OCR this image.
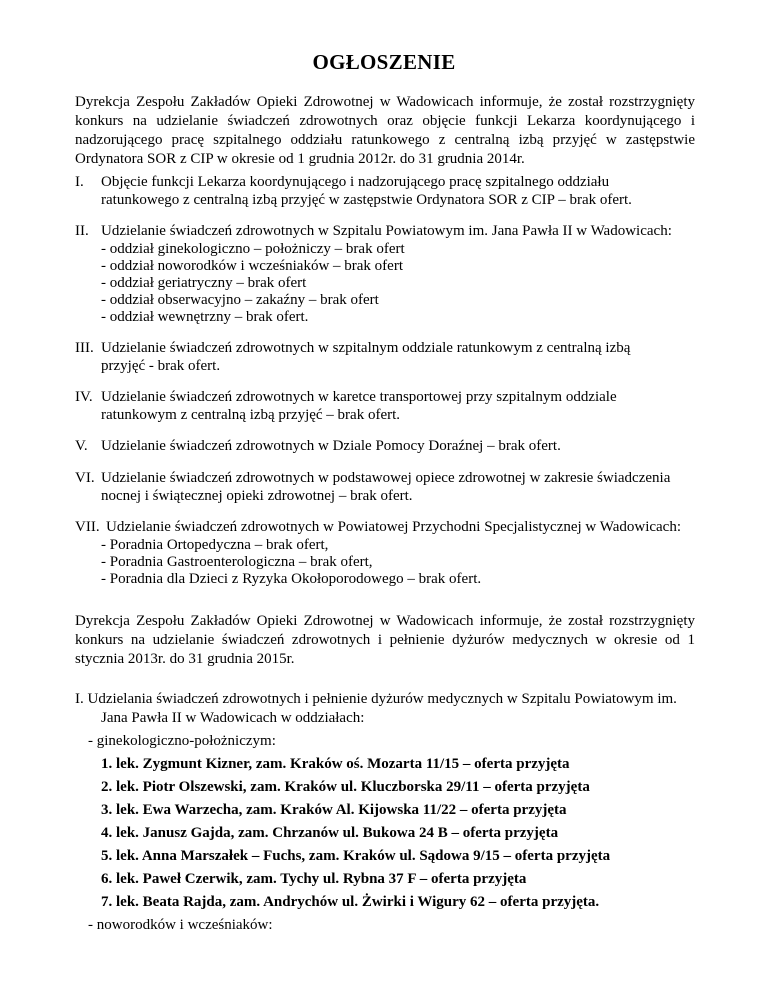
OGŁOSZENIE
Dyrekcja Zespołu Zakładów Opieki Zdrowotnej w Wadowicach informuje, że został rozstrzygnięty konkurs na udzielanie świadczeń zdrowotnych oraz objęcie funkcji Lekarza koordynującego i nadzorującego pracę szpitalnego oddziału ratunkowego z centralną izbą przyjęć w zastępstwie Ordynatora SOR z CIP w okresie od 1 grudnia 2012r. do 31 grudnia 2014r.
I. Objęcie funkcji Lekarza koordynującego i nadzorującego pracę szpitalnego oddziału
ratunkowego z centralną izbą przyjęć w zastępstwie Ordynatora SOR z CIP – brak ofert.
II. Udzielanie świadczeń zdrowotnych w Szpitalu Powiatowym im. Jana Pawła II w Wadowicach:
- oddział ginekologiczno – położniczy – brak ofert
- oddział noworodków i wcześniaków – brak ofert
- oddział geriatryczny – brak ofert
- oddział obserwacyjno – zakaźny – brak ofert
- oddział wewnętrzny – brak ofert.
III. Udzielanie świadczeń zdrowotnych w szpitalnym oddziale ratunkowym z centralną izbą
przyjęć - brak ofert.
IV. Udzielanie świadczeń zdrowotnych w karetce transportowej przy szpitalnym oddziale
ratunkowym z centralną izbą przyjęć – brak ofert.
V. Udzielanie świadczeń zdrowotnych w Dziale Pomocy Doraźnej – brak ofert.
VI. Udzielanie świadczeń zdrowotnych w podstawowej opiece zdrowotnej w zakresie świadczenia
nocnej i świątecznej opieki zdrowotnej – brak ofert.
VII. Udzielanie świadczeń zdrowotnych w Powiatowej Przychodni Specjalistycznej w Wadowicach:
- Poradnia Ortopedyczna – brak ofert,
- Poradnia Gastroenterologiczna – brak ofert,
- Poradnia dla Dzieci z Ryzyka Okołoporodowego – brak ofert.
Dyrekcja Zespołu Zakładów Opieki Zdrowotnej w Wadowicach informuje, że został rozstrzygnięty konkurs na udzielanie świadczeń zdrowotnych i pełnienie dyżurów medycznych w okresie od 1 stycznia 2013r. do 31 grudnia 2015r.
I. Udzielania świadczeń zdrowotnych i pełnienie dyżurów medycznych w Szpitalu Powiatowym im.
Jana Pawła II w Wadowicach w oddziałach:
- ginekologiczno-położniczym:
1. lek. Zygmunt Kizner, zam. Kraków oś. Mozarta 11/15 – oferta przyjęta
2. lek. Piotr Olszewski, zam. Kraków ul. Kluczborska 29/11 – oferta przyjęta
3. lek. Ewa Warzecha, zam. Kraków Al. Kijowska 11/22 – oferta przyjęta
4. lek. Janusz Gajda, zam. Chrzanów ul. Bukowa 24 B – oferta przyjęta
5. lek. Anna Marszałek – Fuchs, zam. Kraków ul. Sądowa 9/15 – oferta przyjęta
6. lek. Paweł Czerwik, zam. Tychy ul. Rybna 37 F – oferta przyjęta
7. lek. Beata Rajda, zam. Andrychów ul. Żwirki i Wigury 62 – oferta przyjęta.
- noworodków i wcześniaków:
